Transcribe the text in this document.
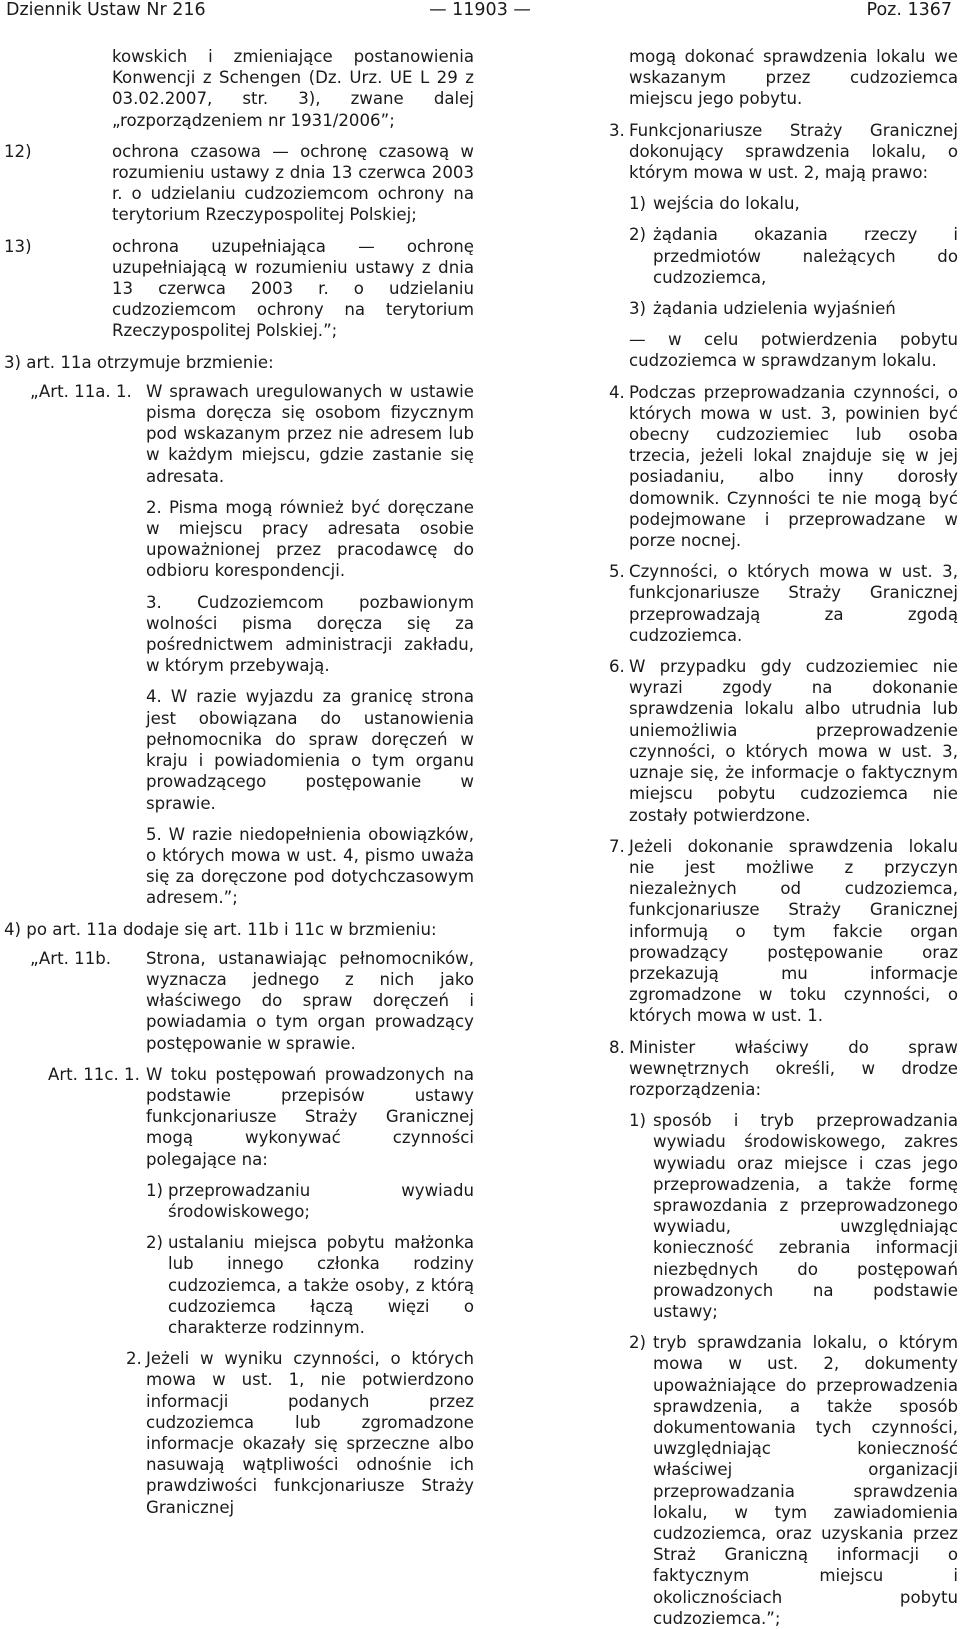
— 11903 —
Dziennik Ustaw Nr 216	Poz. 1367

kowskich i zmieniające postanowienia Konwencji z Schengen (Dz. Urz. UE L 29 z 03.02.2007, str. 3), zwane dalej „rozporządzeniem nr 1931/2006”;

12)	ochrona czasowa — ochronę czasową w rozumieniu ustawy z dnia 13 czerwca 2003 r. o udzielaniu cudzoziemcom ochrony na terytorium Rzeczypospolitej Polskiej;

13)	ochrona uzupełniająca — ochronę uzupełniającą w rozumieniu ustawy z dnia 13 czerwca 2003 r. o udzielaniu cudzoziemcom ochrony na terytorium Rzeczypospolitej Polskiej.”;

3) art. 11a otrzymuje brzmienie:

„Art. 11a. 1. W sprawach uregulowanych w ustawie pisma doręcza się osobom fizycznym pod wskazanym przez nie adresem lub w każdym miejscu, gdzie zastanie się adresata.

2. Pisma mogą również być doręczane w miejscu pracy adresata osobie upoważnionej przez pracodawcę do odbioru korespondencji.

3. Cudzoziemcom pozbawionym wolności pisma doręcza się za pośrednictwem administracji zakładu, w którym przebywają.

4. W razie wyjazdu za granicę strona jest obowiązana do ustanowienia pełnomocnika do spraw doręczeń w kraju i powiadomienia o tym organu prowadzącego postępowanie w sprawie.

5. W razie niedopełnienia obowiązków, o których mowa w ust. 4, pismo uważa się za doręczone pod dotychczasowym adresem.”;

4) po art. 11a dodaje się art. 11b i 11c w brzmieniu:

„Art. 11b. Strona, ustanawiając pełnomocników, wyznacza jednego z nich jako właściwego do spraw doręczeń i powiadamia o tym organ prowadzący postępowanie w sprawie.

Art. 11c. 1. W toku postępowań prowadzonych na podstawie przepisów ustawy funkcjonariusze Straży Granicznej mogą wykonywać czynności polegające na:

1) przeprowadzaniu wywiadu środowiskowego;

2) ustalaniu miejsca pobytu małżonka lub innego członka rodziny cudzoziemca, a także osoby, z którą cudzoziemca łączą więzi o charakterze rodzinnym.

2. Jeżeli w wyniku czynności, o których mowa w ust. 1, nie potwierdzono informacji podanych przez cudzoziemca lub zgromadzone informacje okazały się sprzeczne albo nasuwają wątpliwości odnośnie ich prawdziwości funkcjonariusze Straży Granicznej

mogą dokonać sprawdzenia lokalu we wskazanym przez cudzoziemca miejscu jego pobytu.

3. Funkcjonariusze Straży Granicznej dokonujący sprawdzenia lokalu, o którym mowa w ust. 2, mają prawo:

1) wejścia do lokalu,

2) żądania okazania rzeczy i przedmiotów należących do cudzoziemca,

3) żądania udzielenia wyjaśnień

— w celu potwierdzenia pobytu cudzoziemca w sprawdzanym lokalu.

4. Podczas przeprowadzania czynności, o których mowa w ust. 3, powinien być obecny cudzoziemiec lub osoba trzecia, jeżeli lokal znajduje się w jej posiadaniu, albo inny dorosły domownik. Czynności te nie mogą być podejmowane i przeprowadzane w porze nocnej.

5. Czynności, o których mowa w ust. 3, funkcjonariusze Straży Granicznej przeprowadzają za zgodą cudzoziemca.

6. W przypadku gdy cudzoziemiec nie wyrazi zgody na dokonanie sprawdzenia lokalu albo utrudnia lub uniemożliwia przeprowadzenie czynności, o których mowa w ust. 3, uznaje się, że informacje o faktycznym miejscu pobytu cudzoziemca nie zostały potwierdzone.

7. Jeżeli dokonanie sprawdzenia lokalu nie jest możliwe z przyczyn niezależnych od cudzoziemca, funkcjonariusze Straży Granicznej informują o tym fakcie organ prowadzący postępowanie oraz przekazują mu informacje zgromadzone w toku czynności, o których mowa w ust. 1.

8. Minister właściwy do spraw wewnętrznych określi, w drodze rozporządzenia:

1) sposób i tryb przeprowadzania wywiadu środowiskowego, zakres wywiadu oraz miejsce i czas jego przeprowadzenia, a także formę sprawozdania z przeprowadzonego wywiadu, uwzględniając konieczność zebrania informacji niezbędnych do postępowań prowadzonych na podstawie ustawy;

2) tryb sprawdzania lokalu, o którym mowa w ust. 2, dokumenty upoważniające do przeprowadzenia sprawdzenia, a także sposób dokumentowania tych czynności, uwzględniając konieczność właściwej organizacji przeprowadzania sprawdzenia lokalu, w tym zawiadomienia cudzoziemca, oraz uzyskania przez Straż Graniczną informacji o faktycznym miejscu i okolicznościach pobytu cudzoziemca.”;
